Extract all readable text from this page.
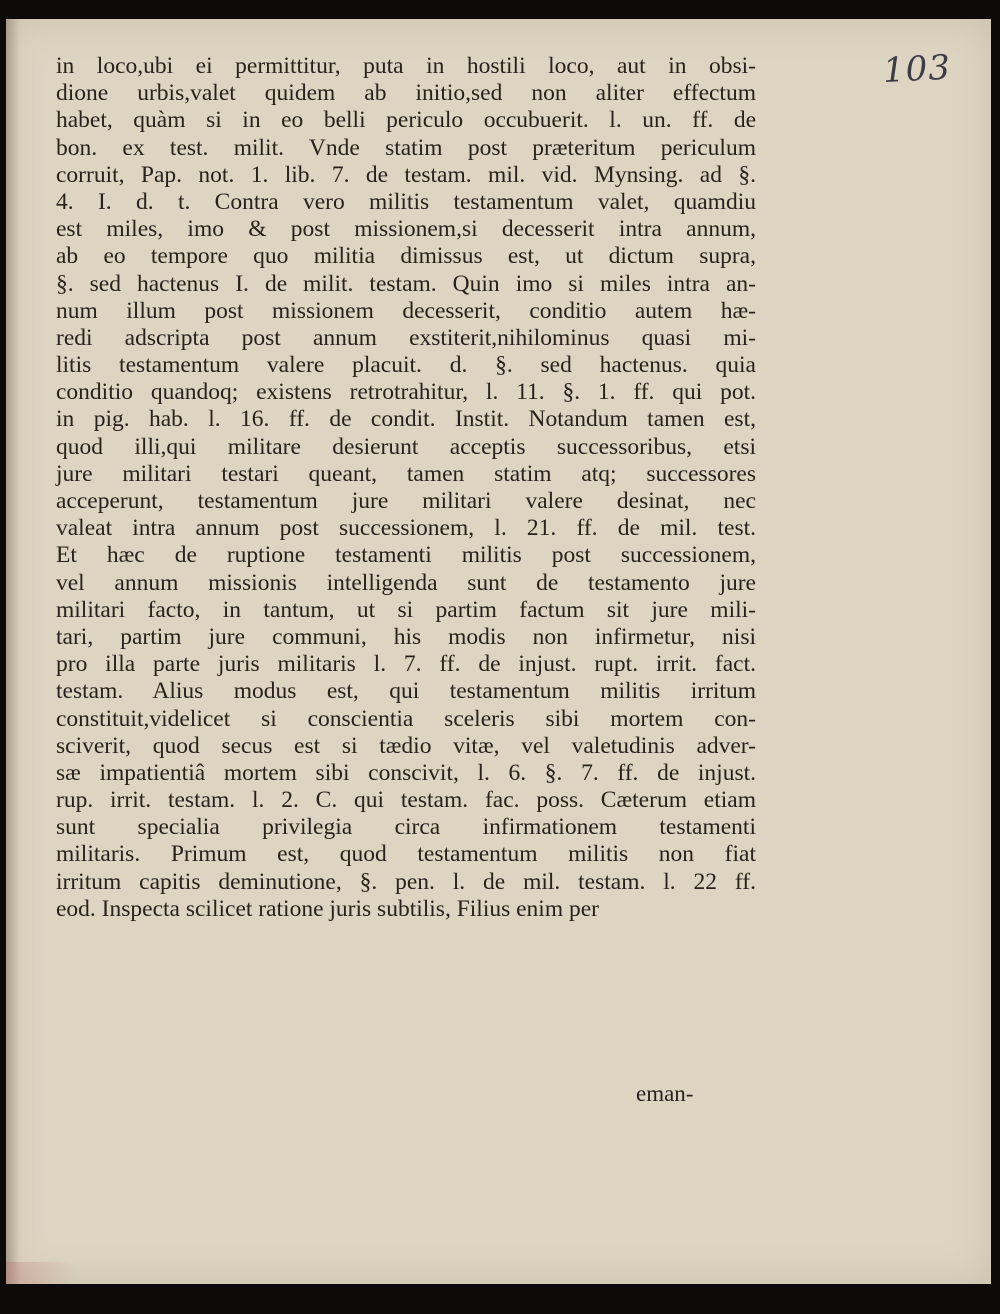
103
in loco,ubi ei permittitur, puta in hostili loco, aut in obsi-
dione urbis,valet quidem ab initio,sed non aliter effectum
habet, quàm si in eo belli periculo occubuerit. l. un. ff. de
bon. ex test. milit. Vnde statim post præteritum periculum
corruit, Pap. not. 1. lib. 7. de testam. mil. vid. Mynsing. ad §.
4. I. d. t. Contra vero militis testamentum valet, quamdiu
est miles, imo & post missionem,si decesserit intra annum,
ab eo tempore quo militia dimissus est, ut dictum supra,
§. sed hactenus I. de milit. testam. Quin imo si miles intra an-
num illum post missionem decesserit, conditio autem hæ-
redi adscripta post annum exstiterit,nihilominus quasi mi-
litis testamentum valere placuit. d. §. sed hactenus. quia
conditio quandoq; existens retrotrahitur, l. 11. §. 1. ff. qui pot.
in pig. hab. l. 16. ff. de condit. Instit. Notandum tamen est,
quod illi,qui militare desierunt acceptis successoribus, etsi
jure militari testari queant, tamen statim atq; successores
acceperunt, testamentum jure militari valere desinat, nec
valeat intra annum post successionem, l. 21. ff. de mil. test.
Et hæc de ruptione testamenti militis post successionem,
vel annum missionis intelligenda sunt de testamento jure
militari facto, in tantum, ut si partim factum sit jure mili-
tari, partim jure communi, his modis non infirmetur, nisi
pro illa parte juris militaris l. 7. ff. de injust. rupt. irrit. fact.
testam. Alius modus est, qui testamentum militis irritum
constituit,videlicet si conscientia sceleris sibi mortem con-
sciverit, quod secus est si tædio vitæ, vel valetudinis adver-
sæ impatientiâ mortem sibi conscivit, l. 6. §. 7. ff. de injust.
rup. irrit. testam. l. 2. C. qui testam. fac. poss. Cæterum etiam
sunt specialia privilegia circa infirmationem testamenti
militaris. Primum est, quod testamentum militis non fiat
irritum capitis deminutione, §. pen. l. de mil. testam. l. 22 ff.
eod. Inspecta scilicet ratione juris subtilis, Filius enim per
eman-
